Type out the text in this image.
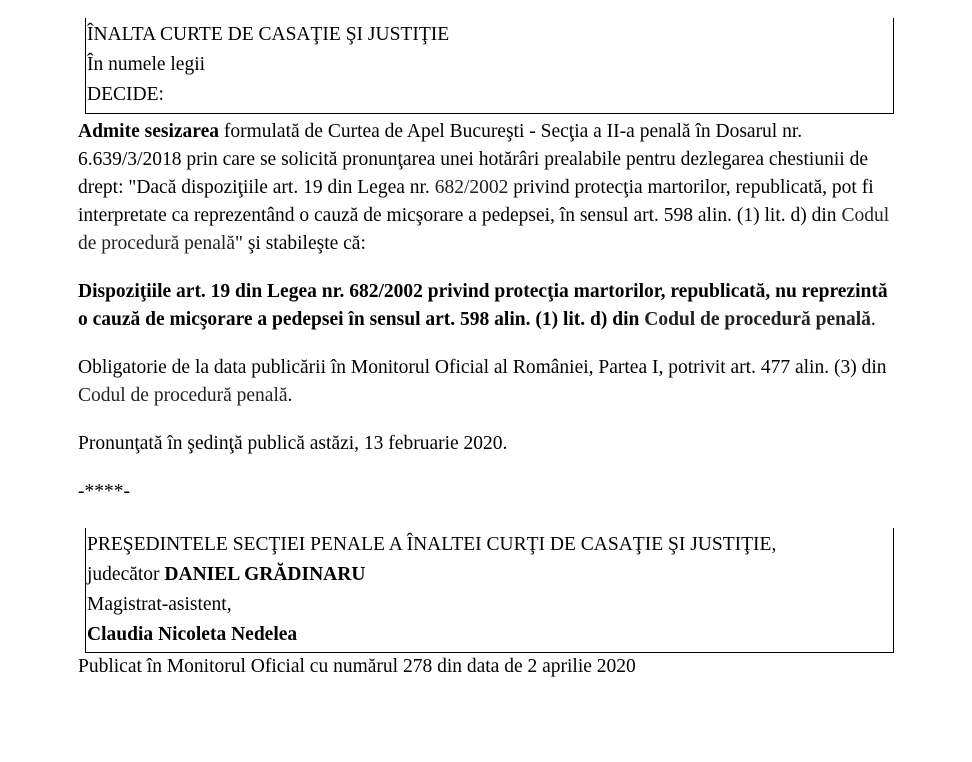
ÎNALTA CURTE DE CASAŢIE ŞI JUSTIŢIE
În numele legii
DECIDE:

Admite sesizarea formulată de Curtea de Apel Bucureşti - Secţia a II-a penală în Dosarul nr. 6.639/3/2018 prin care se solicită pronunţarea unei hotărâri prealabile pentru dezlegarea chestiunii de drept: "Dacă dispoziţiile art. 19 din Legea nr. 682/2002 privind protecţia martorilor, republicată, pot fi interpretate ca reprezentând o cauză de micşorare a pedepsei, în sensul art. 598 alin. (1) lit. d) din Codul de procedură penală" şi stabileşte că:

Dispoziţiile art. 19 din Legea nr. 682/2002 privind protecţia martorilor, republicată, nu reprezintă o cauză de micşorare a pedepsei în sensul art. 598 alin. (1) lit. d) din Codul de procedură penală.

Obligatorie de la data publicării în Monitorul Oficial al României, Partea I, potrivit art. 477 alin. (3) din Codul de procedură penală.

Pronunţată în şedinţă publică astăzi, 13 februarie 2020.

-****-

PREŞEDINTELE SECŢIEI PENALE A ÎNALTEI CURŢI DE CASAŢIE ŞI JUSTIŢIE,
judecător DANIEL GRĂDINARU
Magistrat-asistent,
Claudia Nicoleta Nedelea
Publicat în Monitorul Oficial cu numărul 278 din data de 2 aprilie 2020
